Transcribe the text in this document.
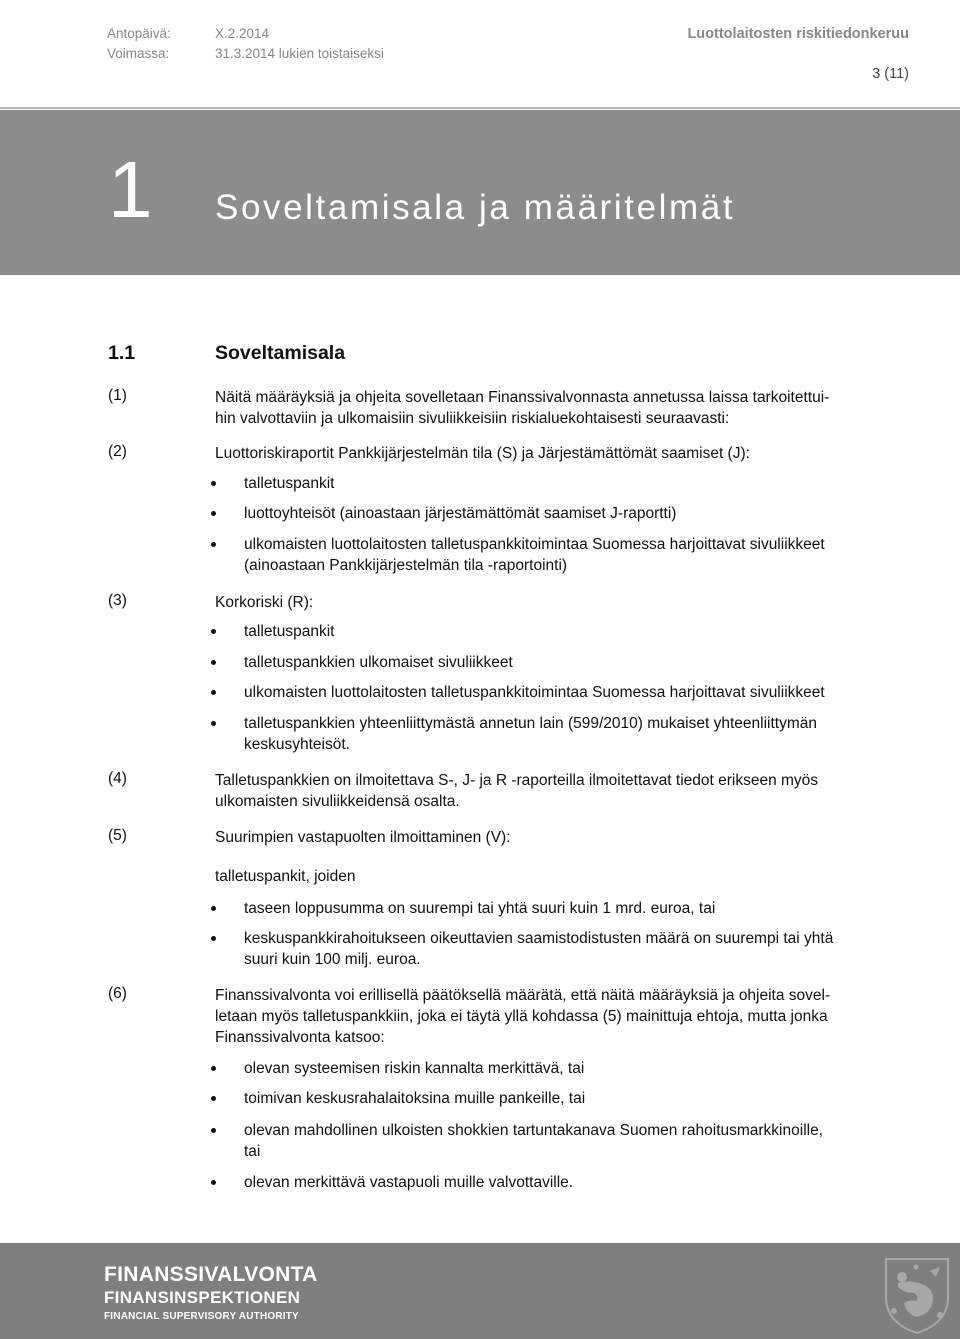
Antopäivä:	X.2.2014
Voimassa:	31.3.2014 lukien toistaiseksi
Luottolaitosten riskitiedonkeruu
3 (11)
1 Soveltamisala ja määritelmät
1.1	Soveltamisala
(1)	Näitä määräyksiä ja ohjeita sovelletaan Finanssivalvonnasta annetussa laissa tarkoitettui-
hin valvottaviin ja ulkomaisiin sivuliikkeisiin riskialuekohtaisesti seuraavasti:
(2)	Luottoriskiraportit Pankkijärjestelmän tila (S) ja Järjestämättömät saamiset (J):
talletuspankit
luottoyhteisöt (ainoastaan järjestämättömät saamiset J-raportti)
ulkomaisten luottolaitosten talletuspankkitoimintaa Suomessa harjoittavat sivuliikkeet
(ainoastaan Pankkijärjestelmän tila -raportointi)
(3)	Korkoriski (R):
talletuspankit
talletuspankkien ulkomaiset sivuliikkeet
ulkomaisten luottolaitosten talletuspankkitoimintaa Suomessa harjoittavat sivuliikkeet
talletuspankkien yhteenliittymästä annetun lain (599/2010) mukaiset yhteenliittymän
keskusyhteisöt.
(4)	Talletuspankkien on ilmoitettava S-, J- ja R -raporteilla ilmoitettavat tiedot erikseen myös
ulkomaisten sivuliikkeidensä osalta.
(5)	Suurimpien vastapuolten ilmoittaminen (V):
talletuspankit, joiden
taseen loppusumma on suurempi tai yhtä suuri kuin 1 mrd. euroa, tai
keskuspankkirahoitukseen oikeuttavien saamistodistusten määrä on suurempi tai yhtä
suuri kuin 100 milj. euroa.
(6)	Finanssivalvonta voi erillisellä päätöksellä määrätä, että näitä määräyksiä ja ohjeita sovel-
letaan myös talletuspankkiin, joka ei täytä yllä kohdassa (5) mainittuja ehtoja, mutta jonka
Finanssivalvonta katsoo:
olevan systeemisen riskin kannalta merkittävä, tai
toimivan keskusrahalaitoksina muille pankeille, tai
olevan mahdollinen ulkoisten shokkien tartuntakanava Suomen rahoitusmarkkinoille,
tai
olevan merkittävä vastapuoli muille valvottaville.
FINANSSIVALVONTA
FINANSINSPEKTIONEN
FINANCIAL SUPERVISORY AUTHORITY
